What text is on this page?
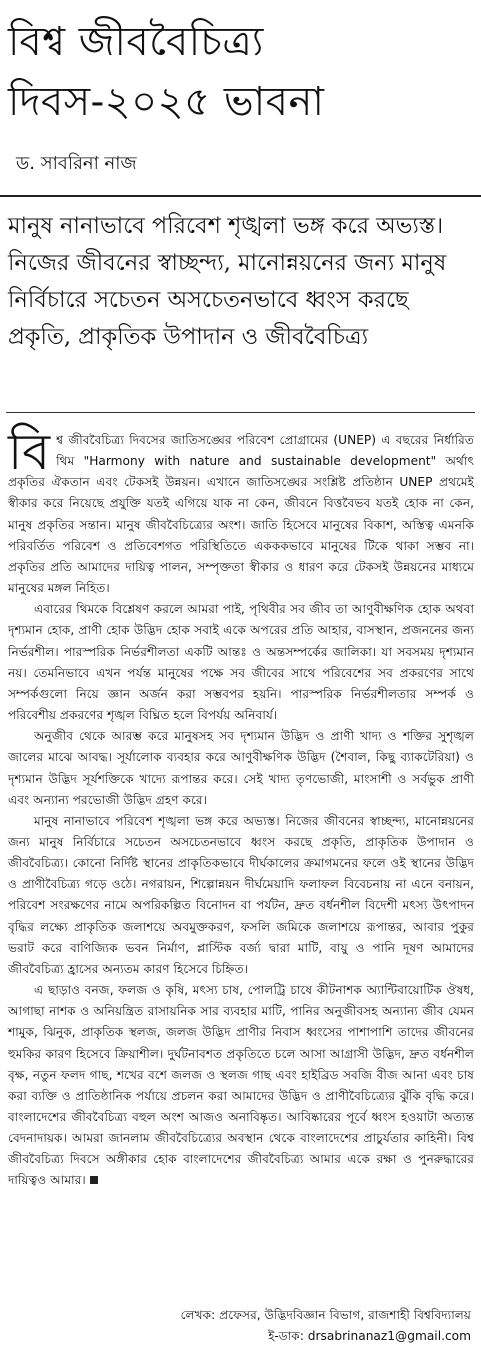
বিশ্ব জীববৈচিত্র্য
দিবস-২০২৫ ভাবনা
ড. সাবরিনা নাজ

মানুষ নানাভাবে পরিবেশ শৃঙ্খলা ভঙ্গ করে অভ্যস্ত। নিজের জীবনের স্বাচ্ছন্দ্য, মানোন্নয়নের জন্য মানুষ নির্বিচারে সচেতন অসচেতনভাবে ধ্বংস করছে প্রকৃতি, প্রাকৃতিক উপাদান ও জীববৈচিত্র্য

বিশ্ব জীববৈচিত্র্য দিবসের জাতিসঙ্ঘের পরিবেশ প্রোগ্রামের (UNEP) এ বছরের নির্ধারিত থিম "Harmony with nature and sustainable development" অর্থাৎ প্রকৃতির ঐকতান এবং টেকসই উন্নয়ন। এখানে জাতিসঙ্ঘের সংশ্লিষ্ট প্রতিষ্ঠান UNEP প্রথমেই স্বীকার করে নিয়েছে প্রযুক্তি যতই এগিয়ে যাক না কেন, জীবনে বিত্তবৈভব যতই হোক না কেন, মানুষ প্রকৃতির সন্তান। মানুষ জীববৈচিত্র্যের অংশ। জাতি হিসেবে মানুষের বিকাশ, অস্তিত্ব এমনকি পরিবর্তিত পরিবেশ ও প্রতিবেশগত পরিস্থিতিতে একককভাবে মানুষের টিকে থাকা সম্ভব না। প্রকৃতির প্রতি আমাদের দায়িত্ব পালন, সম্পৃক্ততা স্বীকার ও ধারণ করে টেকসই উন্নয়নের মাধ্যমে মানুষের মঙ্গল নিহিত।

এবারের থিমকে বিশ্লেষণ করলে আমরা পাই, পৃথিবীর সব জীব তা আণুবীক্ষণিক হোক অথবা দৃশ্যমান হোক, প্রাণী হোক উদ্ভিদ হোক সবাই একে অপরের প্রতি আহার, বাসস্থান, প্রজননের জন্য নির্ভরশীল। পারস্পরিক নির্ভরশীলতা একটি আন্তঃ ও অন্তসম্পর্কের জালিকা। যা সবসময় দৃশ্যমান নয়। তেমনিভাবে এখন পর্যন্ত মানুষের পক্ষে সব জীবের সাথে পরিবেশের সব প্রকরণের সাথে সম্পর্কগুলো নিয়ে জ্ঞান অর্জন করা সম্ভবপর হয়নি। পারস্পরিক নির্ভরশীলতার সম্পর্ক ও পরিবেশীয় প্রকরণের শৃঙ্খল বিঘ্নিত হলে বিপর্যয় অনিবার্য।

অনুজীব থেকে আরম্ভ করে মানুষসহ সব দৃশ্যমান উদ্ভিদ ও প্রাণী খাদ্য ও শক্তির সুশৃঙ্খল জালের মাঝে আবদ্ধ। সূর্যালোক ব্যবহার করে আণুবীক্ষণিক উদ্ভিদ (শৈবাল, কিছু ব্যাকটেরিয়া) ও দৃশ্যমান উদ্ভিদ সূর্যশক্তিকে খাদ্যে রূপান্তর করে। সেই খাদ্য তৃণভোজী, মাংসাশী ও সর্বভুক প্রাণী এবং অন্যান্য পরভোজী উদ্ভিদ গ্রহণ করে।

মানুষ নানাভাবে পরিবেশ শৃঙ্খলা ভঙ্গ করে অভ্যস্ত। নিজের জীবনের স্বাচ্ছন্দ্য, মানোন্নয়নের জন্য মানুষ নির্বিচারে সচেতন অসচেতনভাবে ধ্বংস করছে প্রকৃতি, প্রাকৃতিক উপাদান ও জীববৈচিত্র্য। কোনো নির্দিষ্ট স্থানের প্রাকৃতিকভাবে দীর্ঘকালের ক্রমাগমনের ফলে ওই স্থানের উদ্ভিদ ও প্রাণীবৈচিত্র্য গড়ে ওঠে। নগরায়ন, শিল্পোন্নয়ন দীর্ঘমেয়াদি ফলাফল বিবেচনায় না এনে বনায়ন, পরিবেশ সংরক্ষণের নামে অপরিকল্পিত বিনোদন বা পর্যটন, দ্রুত বর্ধনশীল বিদেশী মৎস্য উৎপাদন বৃদ্ধির লক্ষ্যে প্রাকৃতিক জলাশয়ে অবমুক্তকরণ, ফসলি জমিকে জলাশয়ে রূপান্তর, আবার পুকুর ভরাট করে বাণিজ্যিক ভবন নির্মাণ, প্লাস্টিক বর্জ্য দ্বারা মাটি, বায়ু ও পানি দূষণ আমাদের জীববৈচিত্র্য হ্রাসের অন্যতম কারণ হিসেবে চিহ্নিত।

এ ছাড়াও বনজ, ফলজ ও কৃষি, মৎস্য চাষ, পোলট্রি চাষে কীটনাশক অ্যান্টিবায়োটিক ঔষধ, আগাছা নাশক ও অনিয়ন্ত্রিত রাসায়নিক সার ব্যবহার মাটি, পানির অনুজীবসহ অন্যান্য জীব যেমন শামুক, ঝিনুক, প্রাকৃতিক স্থলজ, জলজ উদ্ভিদ প্রাণীর নিবাস ধ্বংসের পাশাপাশি তাদের জীবনের হুমকির কারণ হিসেবে ক্রিয়াশীল। দুর্ঘটনাবশত প্রকৃতিতে চলে আসা আগ্রাসী উদ্ভিদ, দ্রুত বর্ধনশীল বৃক্ষ, নতুন ফলদ গাছ, শখের বশে জলজ ও স্থলজ গাছ এবং হাইব্রিড সবজি বীজ আনা এবং চাষ করা ব্যক্তি ও প্রাতিষ্ঠানিক পর্যায়ে প্রচলন করা আমাদের উদ্ভিদ ও প্রাণীবৈচিত্র্যের ঝুঁকি বৃদ্ধি করে। বাংলাদেশের জীববৈচিত্র্য বহুল অংশ আজও অনাবিষ্কৃত। আবিষ্কারের পূর্বে ধ্বংস হওয়াটা অত্যন্ত বেদনাদায়ক। আমরা জানলাম জীববৈচিত্র্যের অবস্থান থেকে বাংলাদেশের প্রাচুর্যতার কাহিনী। বিশ্ব জীববৈচিত্র্য দিবসে অঙ্গীকার হোক বাংলাদেশের জীববৈচিত্র্য আমার একে রক্ষা ও পুনরুদ্ধারের দায়িত্বও আমার।

লেখক: প্রফেসর, উদ্ভিদবিজ্ঞান বিভাগ, রাজশাহী বিশ্ববিদ্যালয়
ই-ডাক: drsabrinanaz1@gmail.com
